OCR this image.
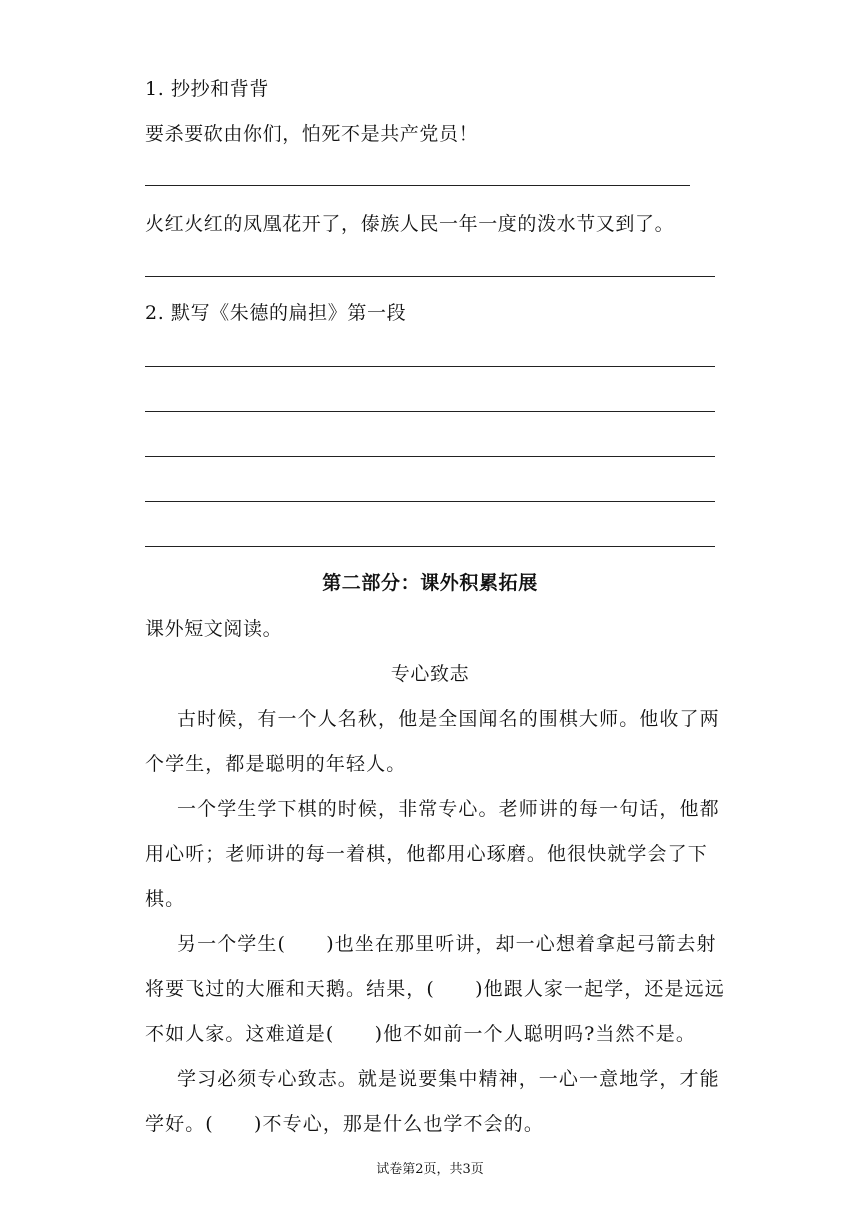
1. 抄抄和背背
要杀要砍由你们，怕死不是共产党员！
火红火红的凤凰花开了，傣族人民一年一度的泼水节又到了。
2. 默写《朱德的扁担》第一段
第二部分：课外积累拓展
课外短文阅读。
专心致志
古时候，有一个人名秋，他是全国闻名的围棋大师。他收了两
个学生，都是聪明的年轻人。
一个学生学下棋的时候，非常专心。老师讲的每一句话，他都
用心听；老师讲的每一着棋，他都用心琢磨。他很快就学会了下
棋。
另一个学生(　　)也坐在那里听讲，却一心想着拿起弓箭去射
将要飞过的大雁和天鹅。结果，(　　)他跟人家一起学，还是远远
不如人家。这难道是(　　)他不如前一个人聪明吗?当然不是。
学习必须专心致志。就是说要集中精神，一心一意地学，才能
学好。(　　)不专心，那是什么也学不会的。
试卷第2页，共3页
